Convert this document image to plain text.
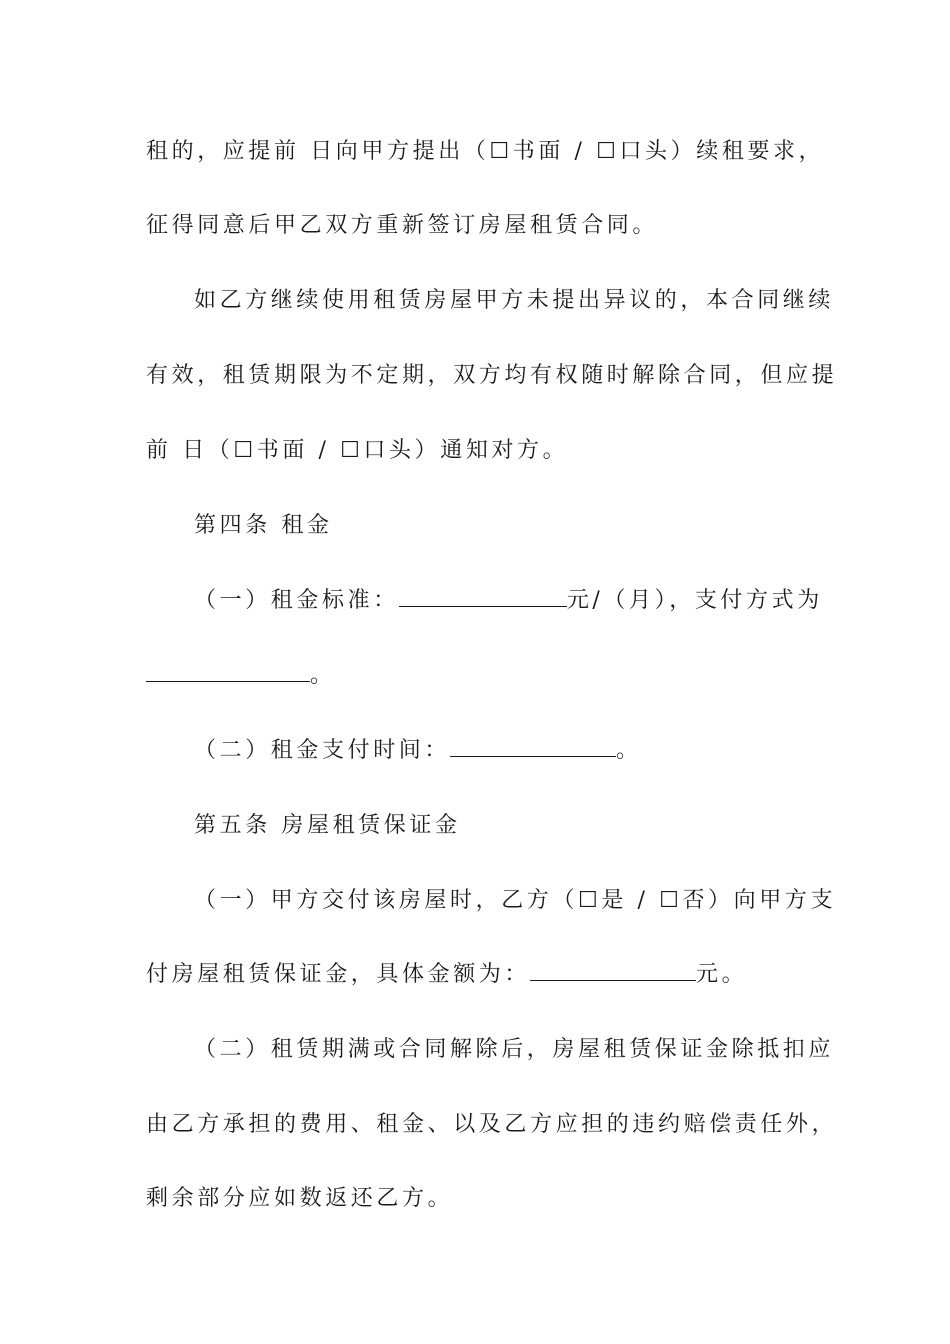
租的，应提前 日向甲方提出（☐书面 / ☐口头）续租要求，
征得同意后甲乙双方重新签订房屋租赁合同。
如乙方继续使用租赁房屋甲方未提出异议的，本合同继续
有效，租赁期限为不定期，双方均有权随时解除合同，但应提
前 日（☐书面 / ☐口头）通知对方。
第四条 租金
（一）租金标准：	元/（月），支付方式为
。
（二）租金支付时间：	。
第五条 房屋租赁保证金
（一）甲方交付该房屋时，乙方（☐是 / ☐否）向甲方支
付房屋租赁保证金，具体金额为：	元。
（二）租赁期满或合同解除后，房屋租赁保证金除抵扣应
由乙方承担的费用、租金、以及乙方应担的违约赔偿责任外，
剩余部分应如数返还乙方。
